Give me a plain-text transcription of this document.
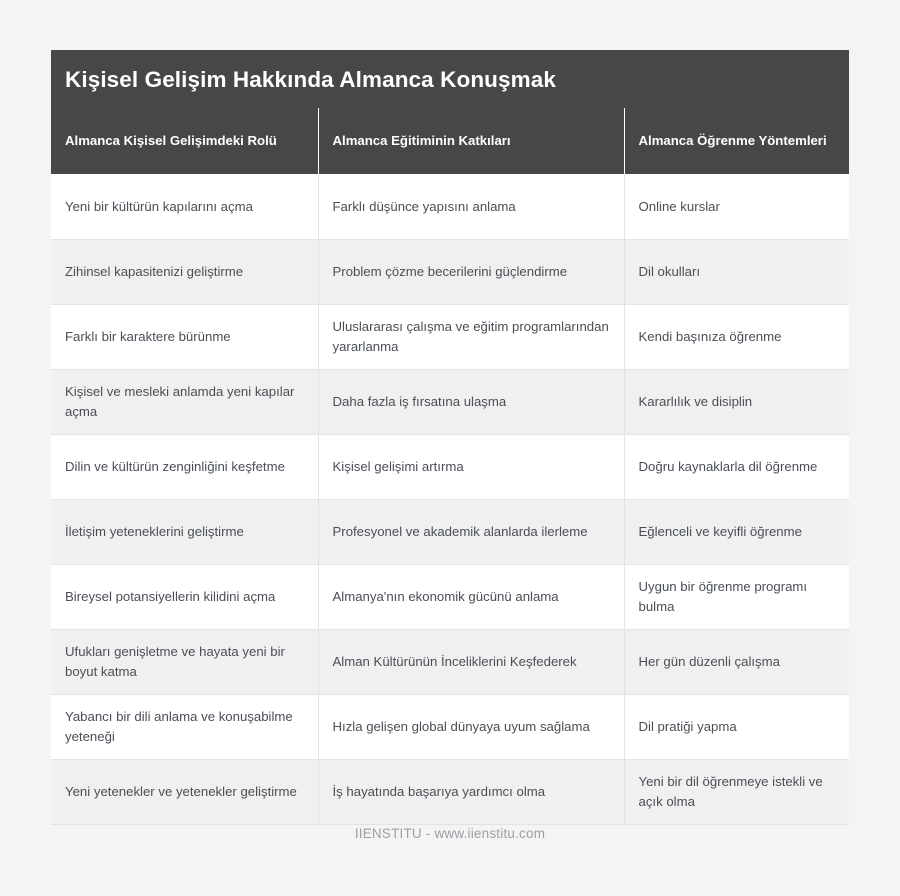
Kişisel Gelişim Hakkında Almanca Konuşmak
Almanca Kişisel Gelişimdeki Rolü	Almanca Eğitiminin Katkıları	Almanca Öğrenme Yöntemleri
Yeni bir kültürün kapılarını açma	Farklı düşünce yapısını anlama	Online kurslar
Zihinsel kapasitenizi geliştirme	Problem çözme becerilerini güçlendirme	Dil okulları
Farklı bir karaktere bürünme	Uluslararası çalışma ve eğitim programlarından yararlanma	Kendi başınıza öğrenme
Kişisel ve mesleki anlamda yeni kapılar açma	Daha fazla iş fırsatına ulaşma	Kararlılık ve disiplin
Dilin ve kültürün zenginliğini keşfetme	Kişisel gelişimi artırma	Doğru kaynaklarla dil öğrenme
İletişim yeteneklerini geliştirme	Profesyonel ve akademik alanlarda ilerleme	Eğlenceli ve keyifli öğrenme
Bireysel potansiyellerin kilidini açma	Almanya'nın ekonomik gücünü anlama	Uygun bir öğrenme programı bulma
Ufukları genişletme ve hayata yeni bir boyut katma	Alman Kültürünün İnceliklerini Keşfederek	Her gün düzenli çalışma
Yabancı bir dili anlama ve konuşabilme yeteneği	Hızla gelişen global dünyaya uyum sağlama	Dil pratiği yapma
Yeni yetenekler ve yetenekler geliştirme	İş hayatında başarıya yardımcı olma	Yeni bir dil öğrenmeye istekli ve açık olma
IIENSTITU - www.iienstitu.com
